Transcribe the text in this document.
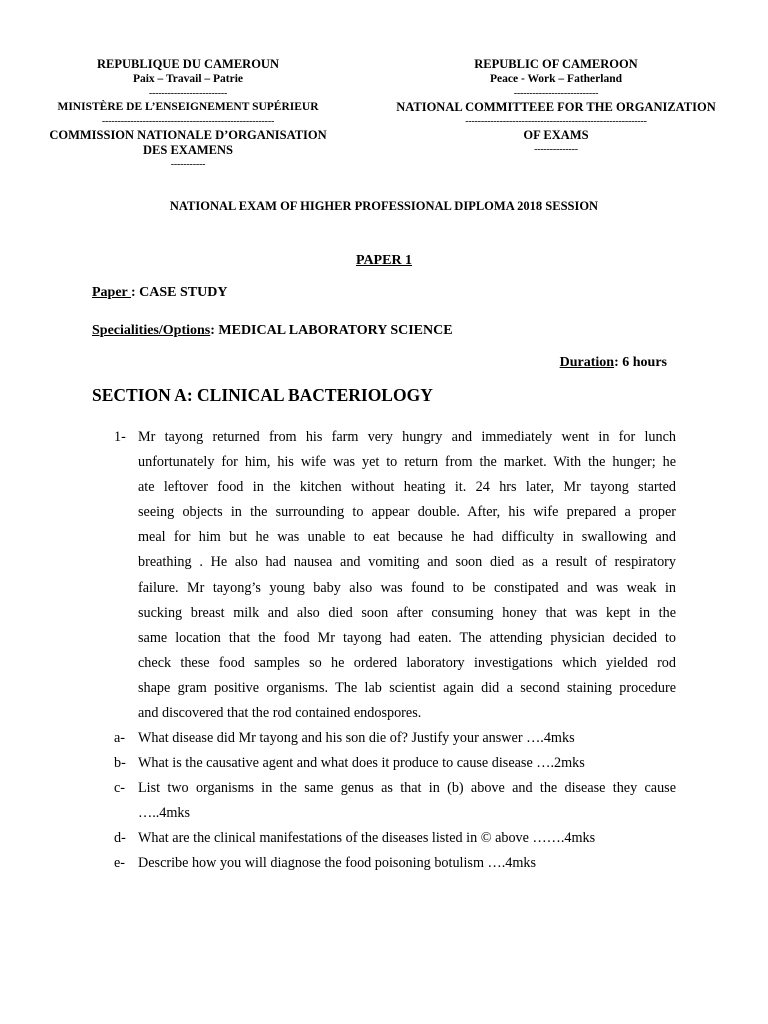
REPUBLIQUE DU CAMEROUN
Paix – Travail – Patrie
-------------------------
MINISTÈRE DE L’ENSEIGNEMENT SUPÉRIEUR
-------------------------------------------------------
COMMISSION NATIONALE D’ORGANISATION
DES EXAMENS
-----------
REPUBLIC OF CAMEROON
Peace - Work – Fatherland
---------------------------
NATIONAL COMMITTEEE FOR THE ORGANIZATION
----------------------------------------------------------
OF EXAMS
--------------
NATIONAL EXAM OF HIGHER PROFESSIONAL DIPLOMA 2018 SESSION
PAPER 1
Paper : CASE STUDY
Specialities/Options: MEDICAL LABORATORY SCIENCE
Duration: 6 hours
SECTION A: CLINICAL BACTERIOLOGY
1- Mr tayong returned from his farm very hungry and immediately went in for lunch
unfortunately for him, his wife was yet to return from the market. With the hunger; he
ate leftover food in the kitchen without heating it. 24 hrs later, Mr tayong started
seeing objects in the surrounding to appear double. After, his wife prepared a proper
meal for him but he was unable to eat because he had difficulty in swallowing and
breathing . He also had nausea and vomiting and soon died as a result of respiratory
failure. Mr tayong’s young baby also was found to be constipated and was weak in
sucking breast milk and also died soon after consuming honey that was kept in the
same location that the food Mr tayong had eaten. The attending physician decided to
check these food samples so he ordered laboratory investigations which yielded rod
shape gram positive organisms. The lab scientist again did a second staining procedure
and discovered that the rod contained endospores.
a- What disease did Mr tayong and his son die of? Justify your answer ….4mks
b- What is the causative agent and what does it produce to cause disease ….2mks
c- List two organisms in the same genus as that in (b) above and the disease they cause
…..4mks
d- What are the clinical manifestations of the diseases listed in © above …….4mks
e- Describe how you will diagnose the food poisoning botulism ….4mks
